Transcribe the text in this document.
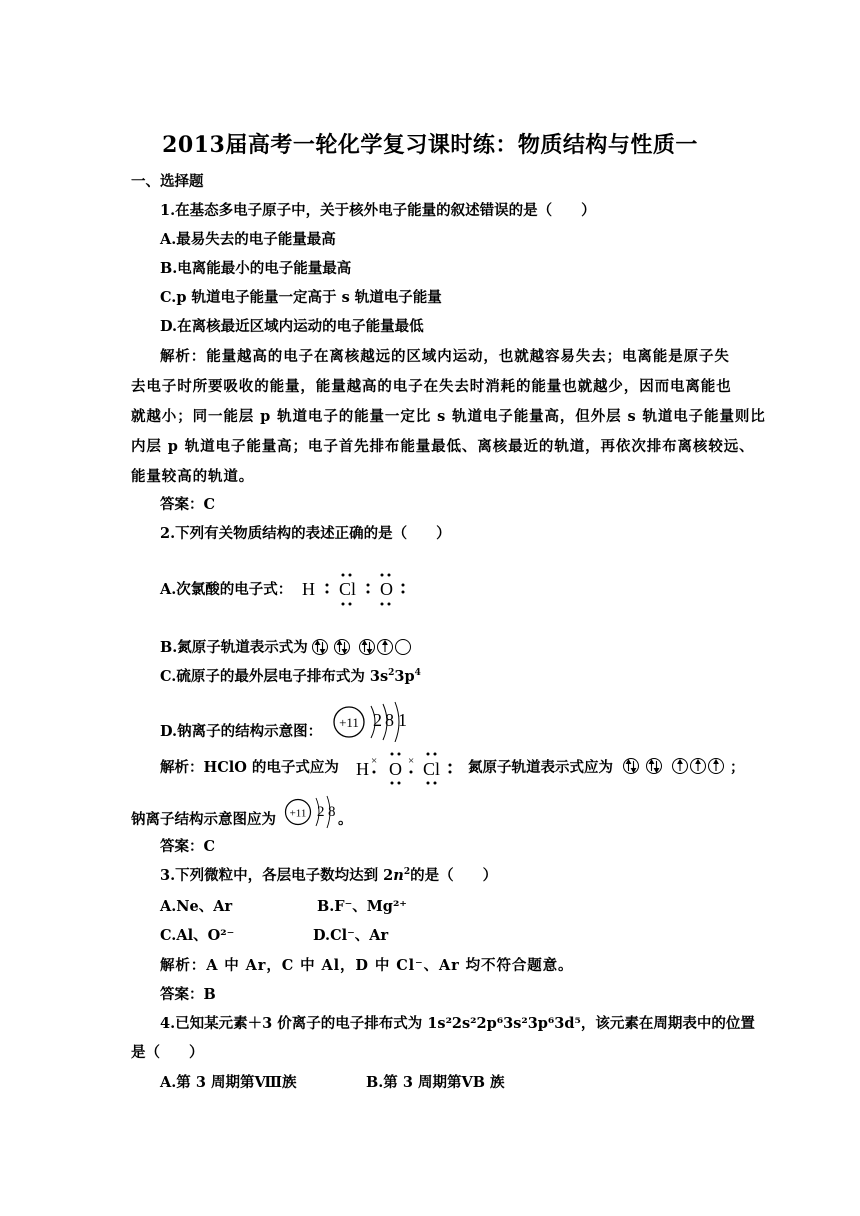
2013届高考一轮化学复习课时练：物质结构与性质一
一、选择题
1.在基态多电子原子中，关于核外电子能量的叙述错误的是（　　）
A.最易失去的电子能量最高
B.电离能最小的电子能量最高
C.p 轨道电子能量一定高于 s 轨道电子能量
D.在离核最近区域内运动的电子能量最低
解析：能量越高的电子在离核越远的区域内运动，也就越容易失去；电离能是原子失
去电子时所要吸收的能量，能量越高的电子在失去时消耗的能量也就越少，因而电离能也
就越小；同一能层 p 轨道电子的能量一定比 s 轨道电子能量高，但外层 s 轨道电子能量则比
内层 p 轨道电子能量高；电子首先排布能量最低、离核最近的轨道，再依次排布离核较远、
能量较高的轨道。
答案：C
2.下列有关物质结构的表述正确的是（　　）
A.次氯酸的电子式： H Cl O
B.氮原子轨道表示式为
C.硫原子的最外层电子排布式为 $3s^23p^4$
D.钠离子的结构示意图：
+11 2 8 1
解析：HClO 的电子式应为 H O Cl
×	×	氮原子轨道表示式应为	；
钠离子结构示意图应为 +11 2 8 。
答案：C
3.下列微粒中，各层电子数均达到 $2n^2$的是（　　）
A.Ne、Ar	B.F⁻、Mg²⁺
C.Al、O²⁻	D.Cl⁻、Ar
解析：A 中 Ar，C 中 Al，D 中 Cl⁻、Ar 均不符合题意。
答案：B
4.已知某元素＋3 价离子的电子排布式为 1s²2s²2p⁶3s²3p⁶3d⁵，该元素在周期表中的位置
是（　　）
A.第 3 周期第Ⅷ族	B.第 3 周期第ⅤB 族
